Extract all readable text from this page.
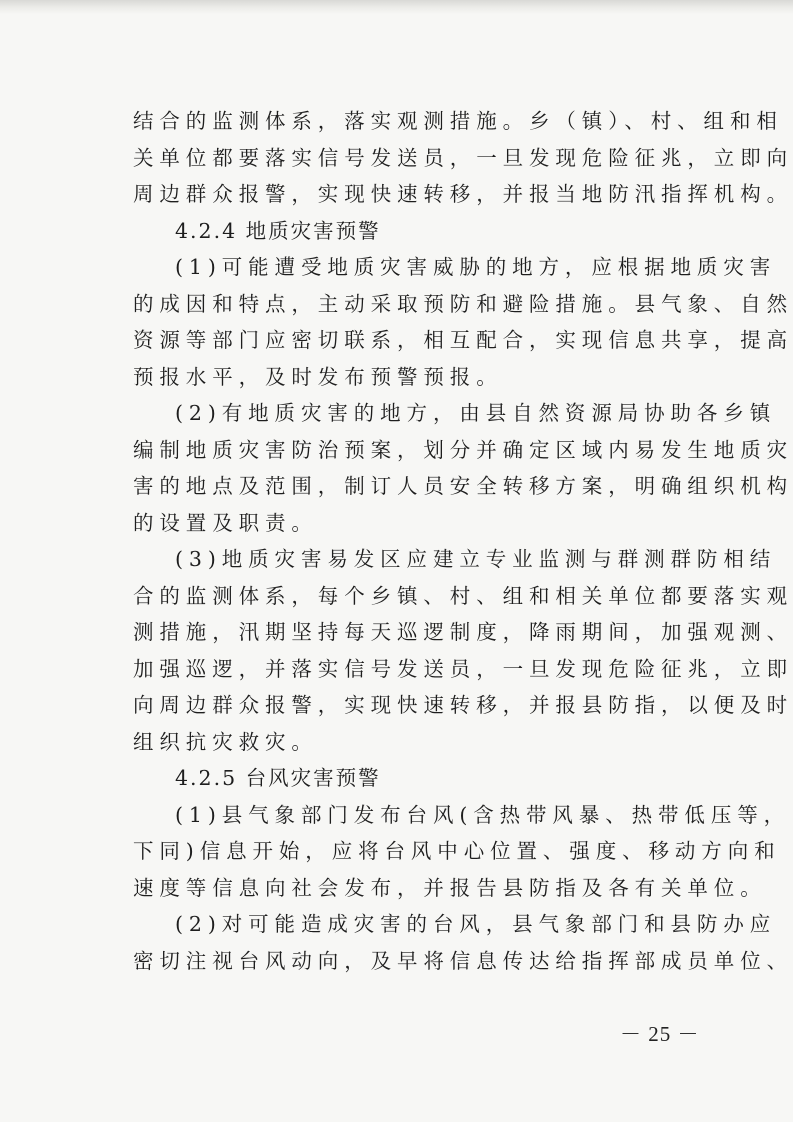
结合的监测体系，落实观测措施。乡（镇）、村、组和相
关单位都要落实信号发送员，一旦发现危险征兆，立即向
周边群众报警，实现快速转移，并报当地防汛指挥机构。
4.2.4 地质灾害预警
(1)可能遭受地质灾害威胁的地方，应根据地质灾害
的成因和特点，主动采取预防和避险措施。县气象、自然
资源等部门应密切联系，相互配合，实现信息共享，提高
预报水平，及时发布预警预报。
(2)有地质灾害的地方，由县自然资源局协助各乡镇
编制地质灾害防治预案，划分并确定区域内易发生地质灾
害的地点及范围，制订人员安全转移方案，明确组织机构
的设置及职责。
(3)地质灾害易发区应建立专业监测与群测群防相结
合的监测体系，每个乡镇、村、组和相关单位都要落实观
测措施，汛期坚持每天巡逻制度，降雨期间，加强观测、
加强巡逻，并落实信号发送员，一旦发现危险征兆，立即
向周边群众报警，实现快速转移，并报县防指，以便及时
组织抗灾救灾。
4.2.5 台风灾害预警
(1)县气象部门发布台风(含热带风暴、热带低压等，
下同)信息开始，应将台风中心位置、强度、移动方向和
速度等信息向社会发布，并报告县防指及各有关单位。
(2)对可能造成灾害的台风，县气象部门和县防办应
密切注视台风动向，及早将信息传达给指挥部成员单位、
－ 25 －
